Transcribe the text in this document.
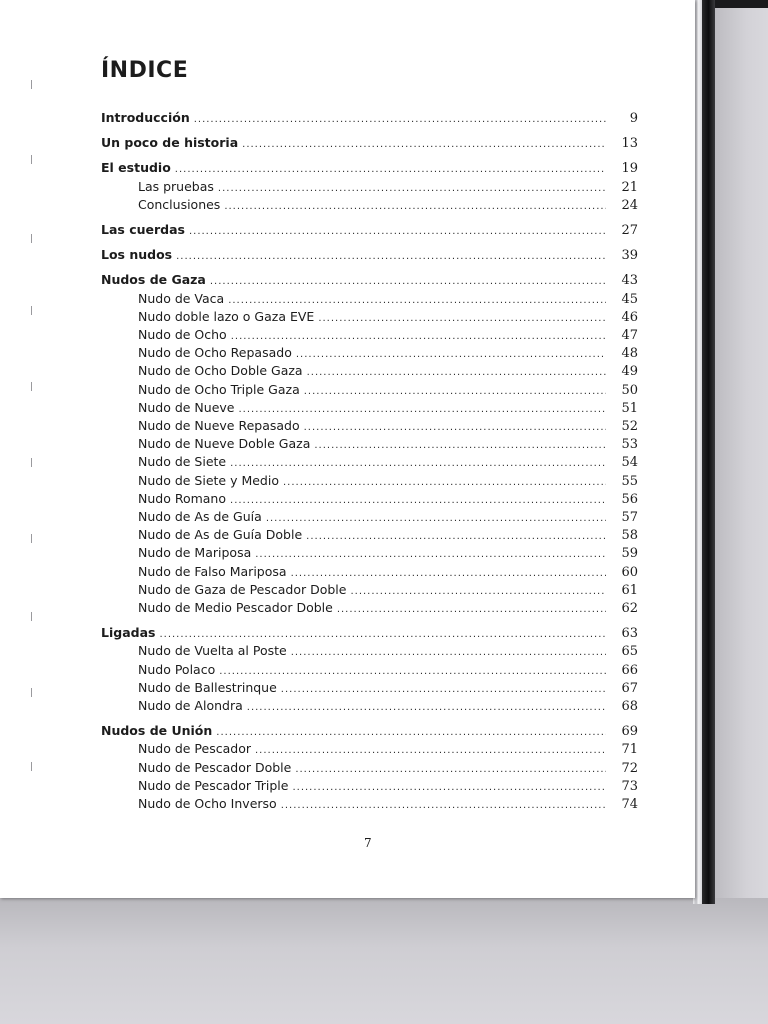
ÍNDICE
Introducción .....	9
Un poco de historia .....	13
El estudio .....	19
Las pruebas .....	21
Conclusiones .....	24
Las cuerdas .....	27
Los nudos .....	39
Nudos de Gaza .....	43
Nudo de Vaca .....	45
Nudo doble lazo o Gaza EVE .....	46
Nudo de Ocho .....	47
Nudo de Ocho Repasado .....	48
Nudo de Ocho Doble Gaza .....	49
Nudo de Ocho Triple Gaza .....	50
Nudo de Nueve .....	51
Nudo de Nueve Repasado .....	52
Nudo de Nueve Doble Gaza .....	53
Nudo de Siete .....	54
Nudo de Siete y Medio .....	55
Nudo Romano .....	56
Nudo de As de Guía .....	57
Nudo de As de Guía Doble .....	58
Nudo de Mariposa .....	59
Nudo de Falso Mariposa .....	60
Nudo de Gaza de Pescador Doble .....	61
Nudo de Medio Pescador Doble .....	62
Ligadas .....	63
Nudo de Vuelta al Poste .....	65
Nudo Polaco .....	66
Nudo de Ballestrinque .....	67
Nudo de Alondra .....	68
Nudos de Unión .....	69
Nudo de Pescador .....	71
Nudo de Pescador Doble .....	72
Nudo de Pescador Triple .....	73
Nudo de Ocho Inverso .....	74
7
